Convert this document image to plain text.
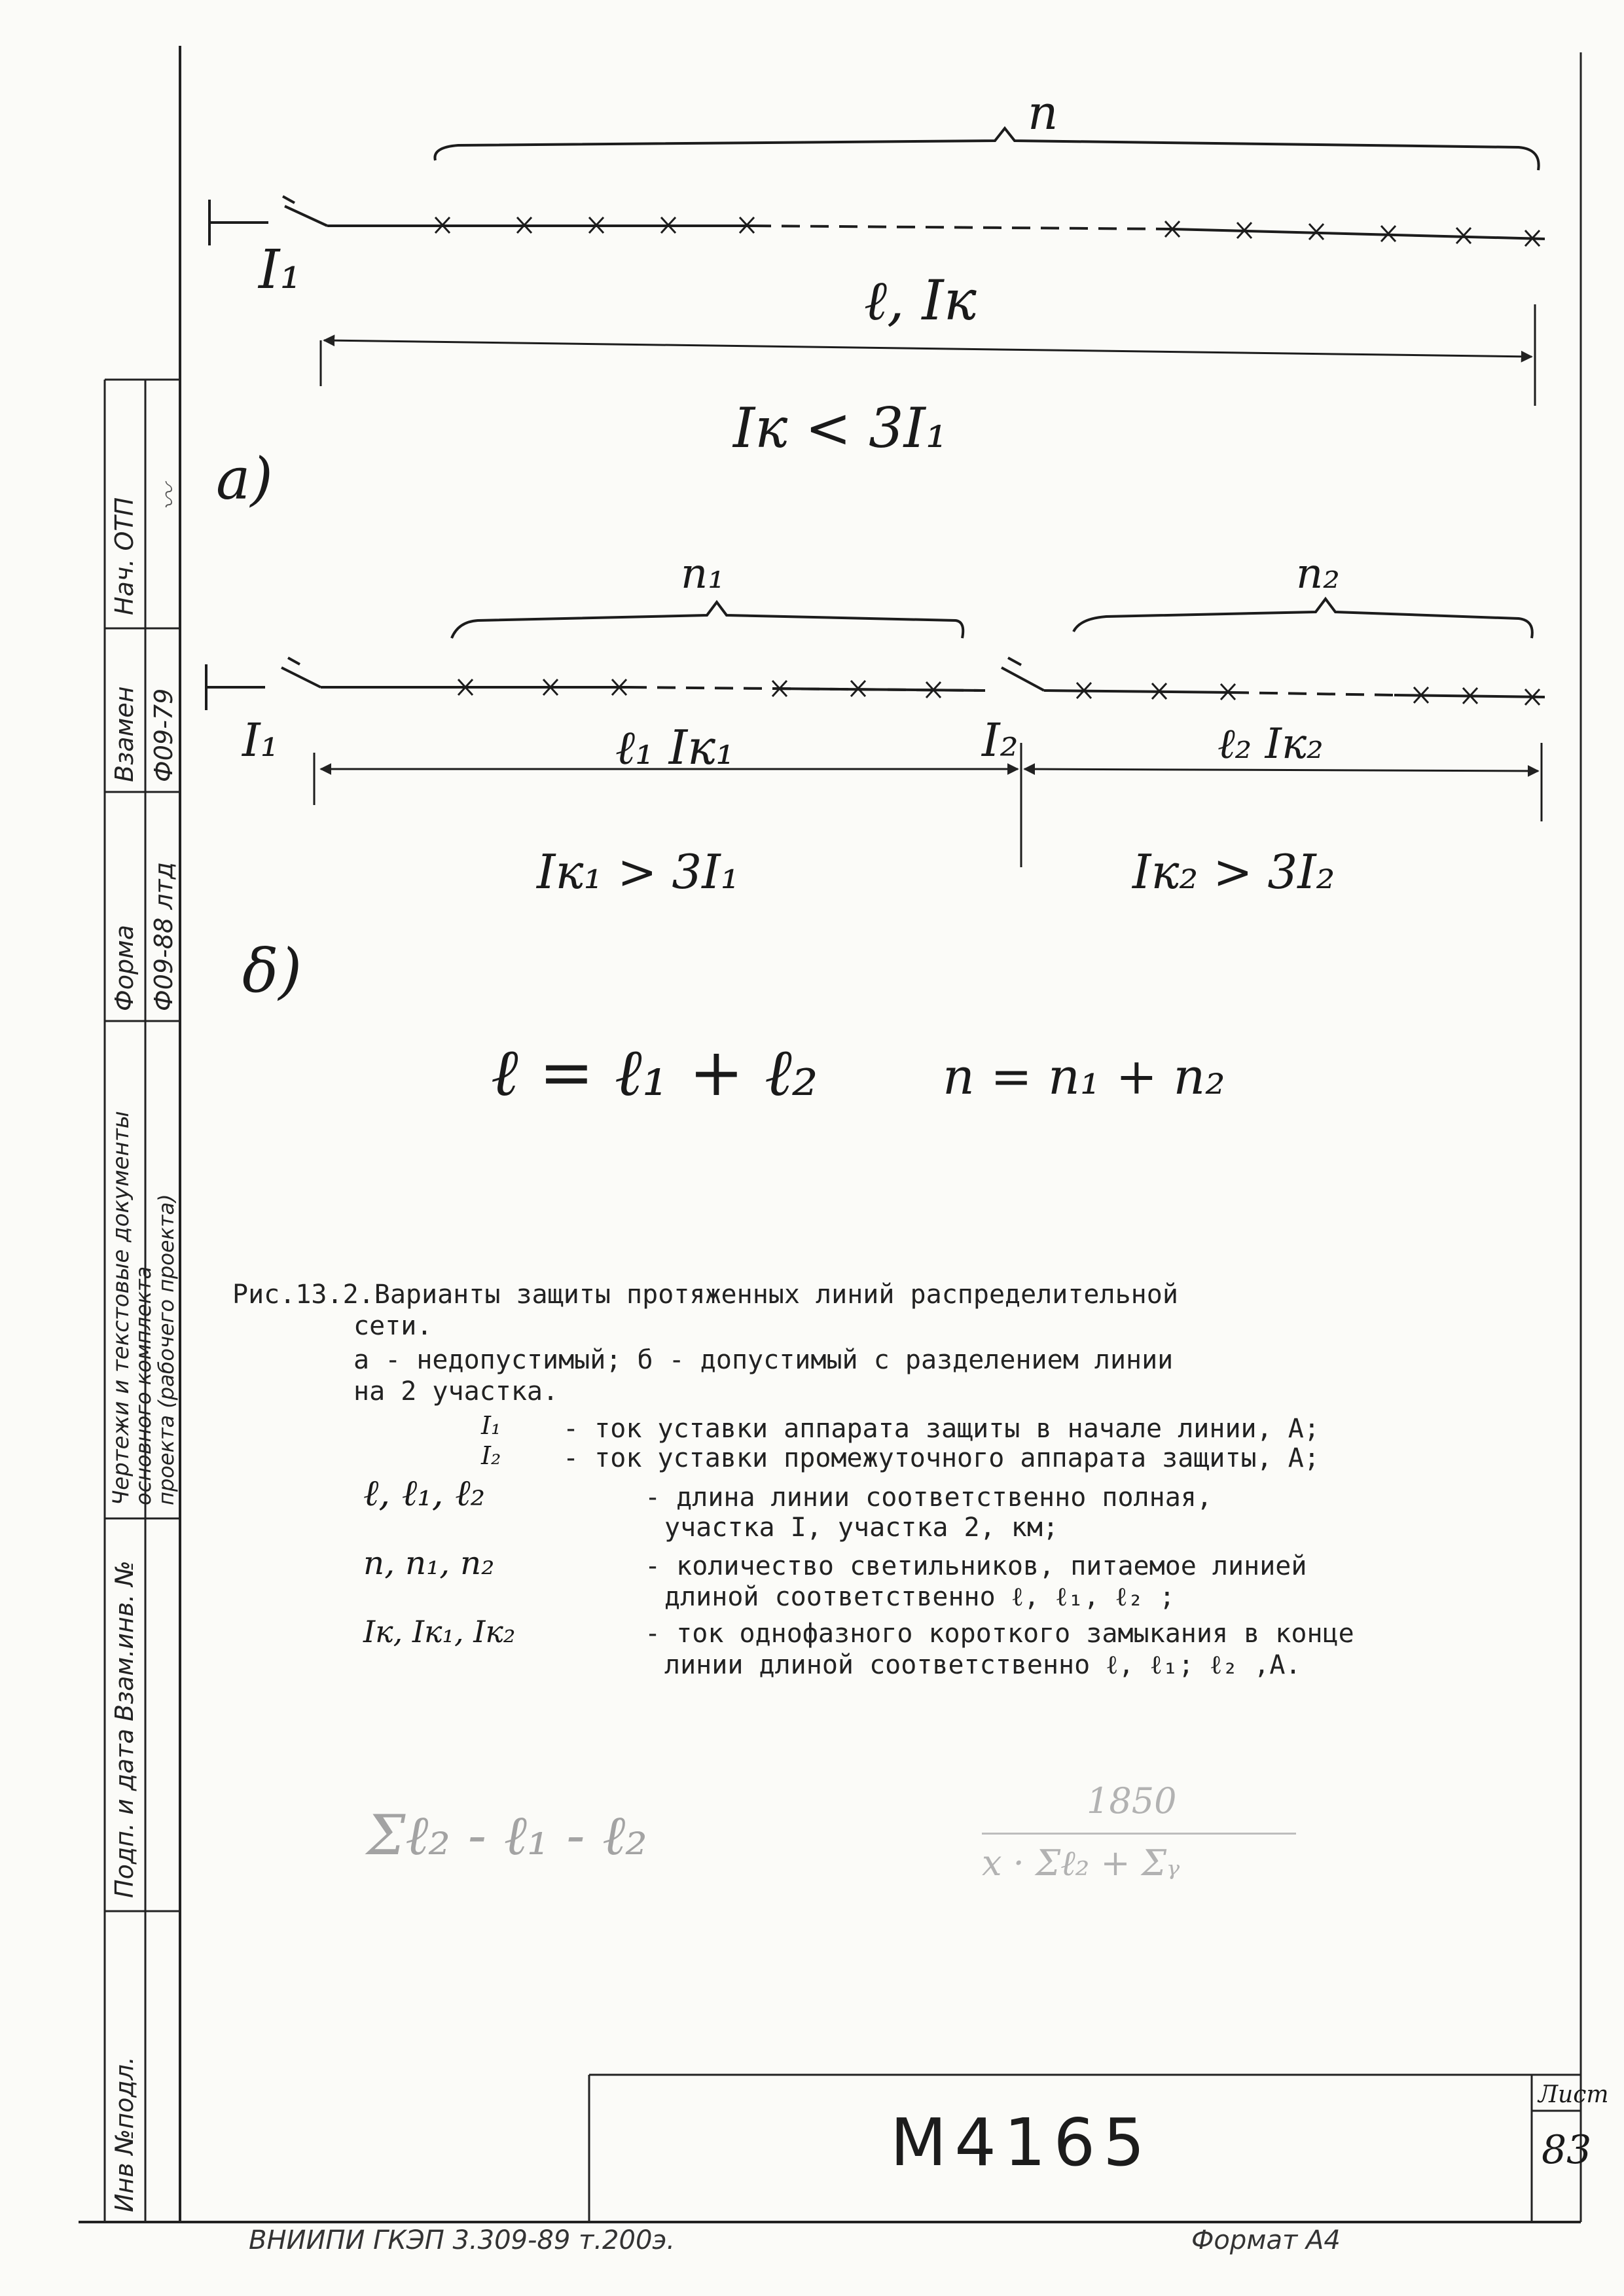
n
I₁	ℓ, Iк
Iк < 3I₁
а)
n₁	n₂
I₁	I₂
ℓ₁ Iк₁	ℓ₂ Iк₂
Iк₁ > 3I₁	Iк₂ > 3I₂
δ)
ℓ = ℓ₁ + ℓ₂	n = n₁ + n₂
Рис.13.2.Варианты защиты протяженных линий распределительной
сети.
а - недопустимый; б - допустимый с разделением линии
на 2 участка.
I₁ - ток уставки аппарата защиты в начале линии, А;
I₂ - ток уставки промежуточного аппарата защиты, А;
ℓ, ℓ₁, ℓ₂	- длина линии соответственно полная,
участка I, участка 2, км;
n, n₁, n₂	- количество светильников, питаемое линией
длиной соответственно ℓ, ℓ₁, ℓ₂ ;
Iк, Iк₁, Iк₂	- ток однофазного короткого замыкания в конце
линии длиной соответственно ℓ, ℓ₁; ℓ₂ ,А.
Σℓ₂ - ℓ₁ - ℓ₂
1850
x · Σℓ₂ + Σᵧ
Нач. ОТП 〰
Взамен Ф09-79
Форма Ф09-88 лтд
Чертежи и текстовые документы
основного комплекта
проекта (рабочего проекта)
Взам.инв. №
Подп. и дата
Инв №подл.	M4165
Лист
83
ВНИИПИ ГКЭП 3.309-89 т.200э.	Формат А4
